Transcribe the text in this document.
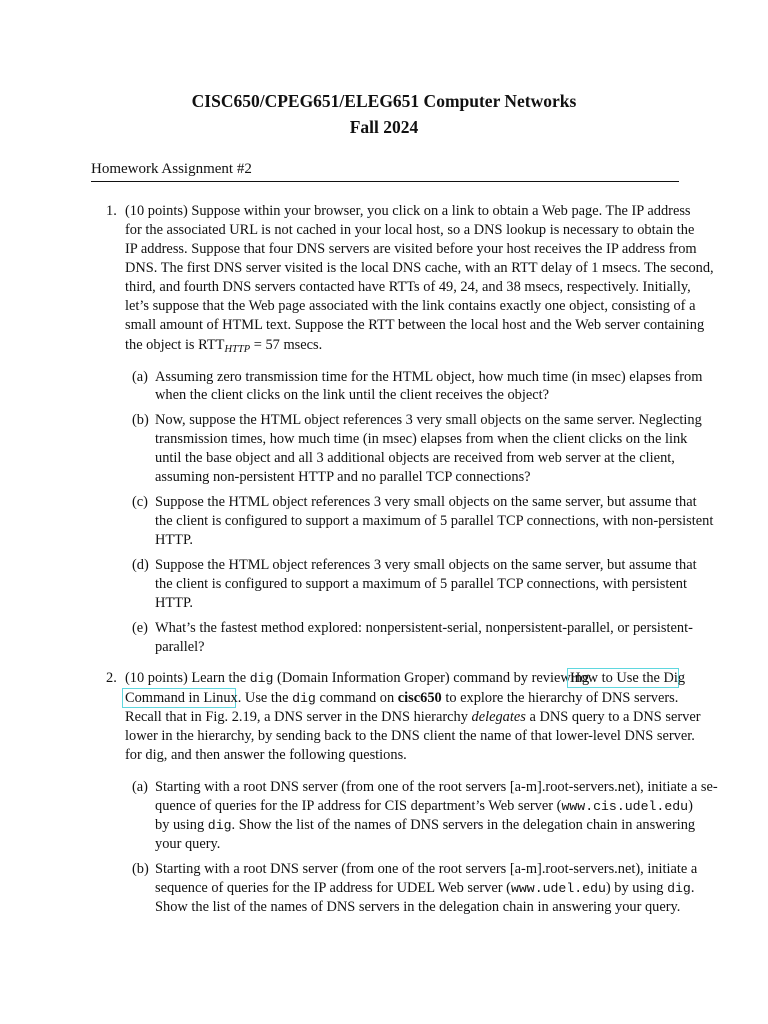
CISC650/CPEG651/ELEG651 Computer Networks
Fall 2024
Homework Assignment #2
1. (10 points) Suppose within your browser, you click on a link to obtain a Web page. The IP address
for the associated URL is not cached in your local host, so a DNS lookup is necessary to obtain the
IP address. Suppose that four DNS servers are visited before your host receives the IP address from
DNS. The first DNS server visited is the local DNS cache, with an RTT delay of 1 msecs. The second,
third, and fourth DNS servers contacted have RTTs of 49, 24, and 38 msecs, respectively. Initially,
let’s suppose that the Web page associated with the link contains exactly one object, consisting of a
small amount of HTML text. Suppose the RTT between the local host and the Web server containing
the object is $RTT_{HTTP} = 57$ msecs.
(a) Assuming zero transmission time for the HTML object, how much time (in msec) elapses from
when the client clicks on the link until the client receives the object?
(b) Now, suppose the HTML object references 3 very small objects on the same server. Neglecting
transmission times, how much time (in msec) elapses from when the client clicks on the link
until the base object and all 3 additional objects are received from web server at the client,
assuming non-persistent HTTP and no parallel TCP connections?
(c) Suppose the HTML object references 3 very small objects on the same server, but assume that
the client is configured to support a maximum of 5 parallel TCP connections, with non-persistent
HTTP.
(d) Suppose the HTML object references 3 very small objects on the same server, but assume that
the client is configured to support a maximum of 5 parallel TCP connections, with persistent
HTTP.
(e) What’s the fastest method explored: nonpersistent-serial, nonpersistent-parallel, or persistent-
parallel?
2. (10 points) Learn the dig (Domain Information Groper) command by reviewing
How to Use the Dig
Command in Linux. Use the dig command on cisc650 to explore the hierarchy of DNS servers.
Recall that in Fig. 2.19, a DNS server in the DNS hierarchy delegates a DNS query to a DNS server
lower in the hierarchy, by sending back to the DNS client the name of that lower-level DNS server.
for dig, and then answer the following questions.
(a) Starting with a root DNS server (from one of the root servers [a-m].root-servers.net), initiate a se-
quence of queries for the IP address for CIS department’s Web server (www.cis.udel.edu)
by using dig. Show the list of the names of DNS servers in the delegation chain in answering
your query.
(b) Starting with a root DNS server (from one of the root servers [a-m].root-servers.net), initiate a
sequence of queries for the IP address for UDEL Web server (www.udel.edu) by using dig.
Show the list of the names of DNS servers in the delegation chain in answering your query.
